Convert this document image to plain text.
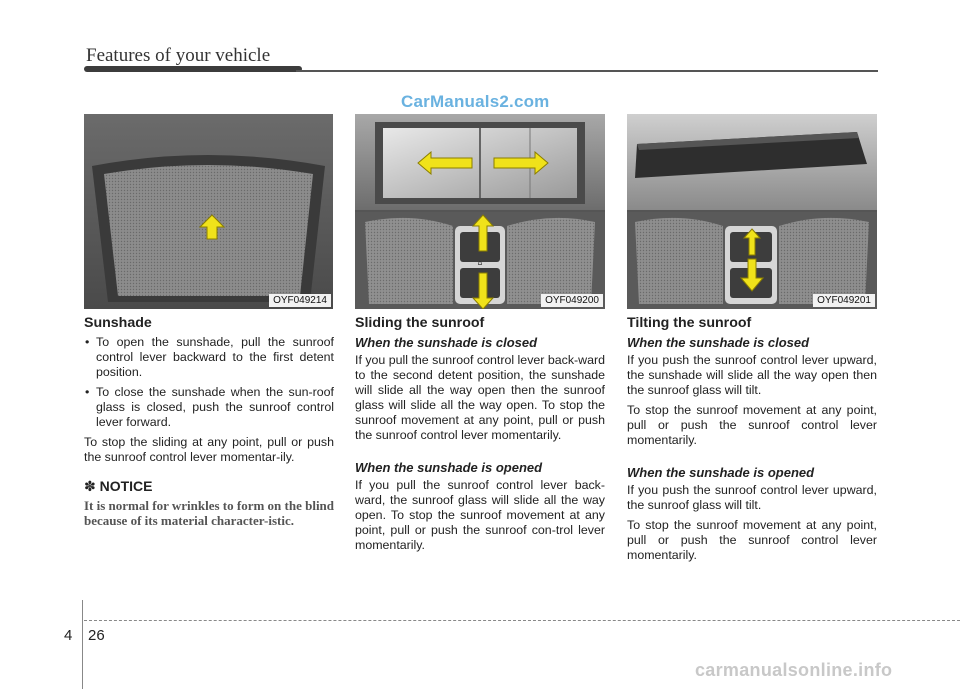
Features of your vehicle
CarManuals2.com
OYF049214
⌂
OYF049200	OYF049201
Sunshade
• To open the sunshade, pull the sunroof control lever backward to the first detent position.
• To close the sunshade when the sun-roof glass is closed, push the sunroof control lever forward.

To stop the sliding at any point, pull or push the sunroof control lever momentar-ily.

✽ NOTICE
It is normal for wrinkles to form on the blind because of its material character-istic.
Sliding the sunroof
When the sunshade is closed

If you pull the sunroof control lever back-ward to the second detent position, the sunshade will slide all the way open then the sunroof glass will slide all the way open. To stop the sunroof movement at any point, pull or push the sunroof control lever momentarily.

When the sunshade is opened

If you pull the sunroof control lever back-ward, the sunroof glass will slide all the way open. To stop the sunroof movement at any point, pull or push the sunroof con-trol lever momentarily.

Tilting the sunroof
When the sunshade is closed

If you push the sunroof control lever upward, the sunshade will slide all the way open then the sunroof glass will tilt.

To stop the sunroof movement at any point, pull or push the sunroof control lever momentarily.

When the sunshade is opened

If you push the sunroof control lever upward, the sunroof glass will tilt.

To stop the sunroof movement at any point, pull or push the sunroof control lever momentarily.

4 26
carmanualsonline.info
